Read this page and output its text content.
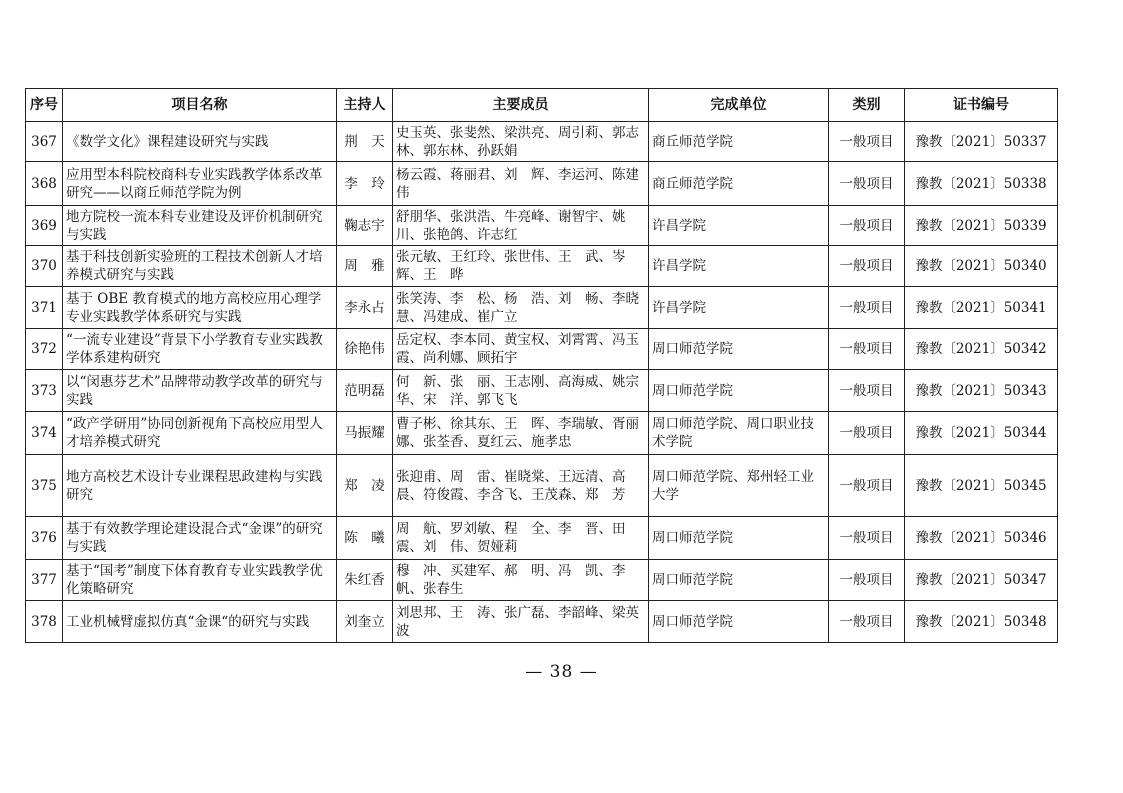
序号	项目名称	主持人	主要成员	完成单位	类别	证书编号
367	《数学文化》课程建设研究与实践	荆　天	史玉英、张斐然、梁洪亮、周引莉、郭志林、郭东林、孙跃娟	商丘师范学院	一般项目	豫教〔2021〕50337
368	应用型本科院校商科专业实践教学体系改革研究——以商丘师范学院为例	李　玲	杨云霞、蒋丽君、刘　辉、李运河、陈建伟	商丘师范学院	一般项目	豫教〔2021〕50338
369	地方院校一流本科专业建设及评价机制研究与实践	鞠志宇	舒朋华、张洪浩、牛亮峰、谢智宇、姚　川、张艳鸽、许志红	许昌学院	一般项目	豫教〔2021〕50339
370	基于科技创新实验班的工程技术创新人才培养模式研究与实践	周　雅	张元敏、王红玲、张世伟、王　武、岑　辉、王　晔	许昌学院	一般项目	豫教〔2021〕50340
371	基于 OBE 教育模式的地方高校应用心理学专业实践教学体系研究与实践	李永占	张笑涛、李　松、杨　浩、刘　畅、李晓慧、冯建成、崔广立	许昌学院	一般项目	豫教〔2021〕50341
372	“一流专业建设”背景下小学教育专业实践教学体系建构研究	徐艳伟	岳定权、李本同、黄宝权、刘霄霄、冯玉霞、尚利娜、顾拓宇	周口师范学院	一般项目	豫教〔2021〕50342
373	以“闵惠芬艺术”品牌带动教学改革的研究与实践	范明磊	何　新、张　丽、王志刚、高海威、姚宗华、宋　洋、郭飞飞	周口师范学院	一般项目	豫教〔2021〕50343
374	“政产学研用”协同创新视角下高校应用型人才培养模式研究	马振耀	曹子彬、徐其东、王　晖、李瑞敏、胥丽娜、张荃香、夏红云、施孝忠	周口师范学院、周口职业技术学院	一般项目	豫教〔2021〕50344
375	地方高校艺术设计专业课程思政建构与实践研究	郑　凌	张迎甫、周　雷、崔晓棠、王远清、高　晨、符俊霞、李含飞、王茂森、郑　芳	周口师范学院、郑州轻工业大学	一般项目	豫教〔2021〕50345
376	基于有效教学理论建设混合式“金课”的研究与实践	陈　曦	周　航、罗刘敏、程　全、李　晋、田　震、刘　伟、贺娅莉	周口师范学院	一般项目	豫教〔2021〕50346
377	基于“国考”制度下体育教育专业实践教学优化策略研究	朱红香	穆　冲、买建军、郝　明、冯　凯、李　帆、张春生	周口师范学院	一般项目	豫教〔2021〕50347
378	工业机械臂虚拟仿真“金课“的研究与实践	刘奎立	刘思邦、王　涛、张广磊、李韶峰、梁英波	周口师范学院	一般项目	豫教〔2021〕50348
— 38 —
